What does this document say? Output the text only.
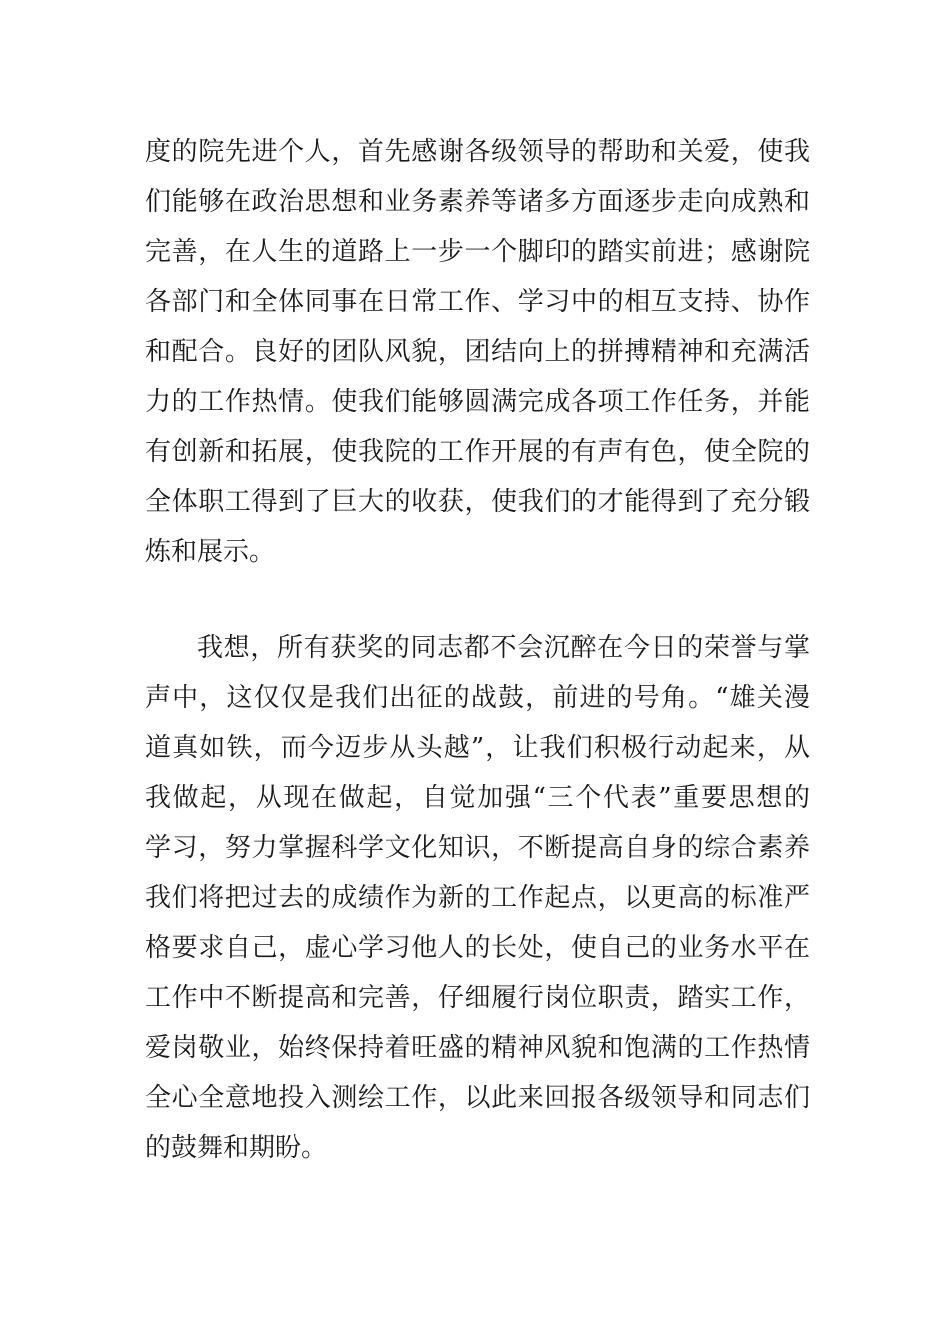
度的院先进个人，首先感谢各级领导的帮助和关爱，使我
们能够在政治思想和业务素养等诸多方面逐步走向成熟和
完善，在人生的道路上一步一个脚印的踏实前进；感谢院
各部门和全体同事在日常工作、学习中的相互支持、协作
和配合。良好的团队风貌，团结向上的拼搏精神和充满活
力的工作热情。使我们能够圆满完成各项工作任务，并能
有创新和拓展，使我院的工作开展的有声有色，使全院的
全体职工得到了巨大的收获，使我们的才能得到了充分锻
炼和展示。
我想，所有获奖的同志都不会沉醉在今日的荣誉与掌
声中，这仅仅是我们出征的战鼓，前进的号角。“雄关漫
道真如铁，而今迈步从头越”，让我们积极行动起来，从
我做起，从现在做起，自觉加强“三个代表”重要思想的
学习，努力掌握科学文化知识，不断提高自身的综合素养
我们将把过去的成绩作为新的工作起点，以更高的标准严
格要求自己，虚心学习他人的长处，使自己的业务水平在
工作中不断提高和完善，仔细履行岗位职责，踏实工作，
爱岗敬业，始终保持着旺盛的精神风貌和饱满的工作热情
全心全意地投入测绘工作，以此来回报各级领导和同志们
的鼓舞和期盼。
